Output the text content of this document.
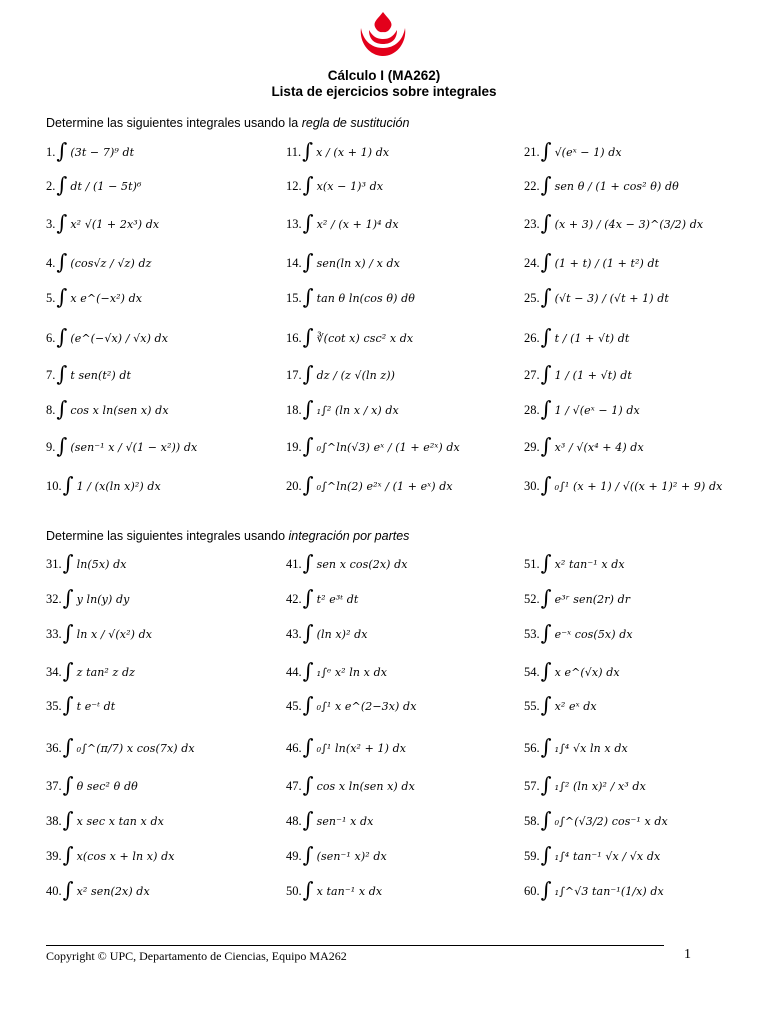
Cálculo I (MA262)
Lista de ejercicios sobre integrales
Determine las siguientes integrales usando la regla de sustitución
1. ∫ (3t − 7)⁹ dt
2. ∫ dt / (1 − 5t)⁶
3. ∫ x² √(1 + 2x³) dx
4. ∫ (cos√z / √z) dz
5. ∫ x e^(−x²) dx
6. ∫ (e^(−√x) / √x) dx
7. ∫ t sen(t²) dt
8. ∫ cos x ln(sen x) dx
9. ∫ (sen⁻¹ x / √(1 − x²)) dx
10. ∫ 1 / (x(ln x)²) dx
11. ∫ x / (x + 1) dx
12. ∫ x(x − 1)³ dx
13. ∫ x² / (x + 1)⁴ dx
14. ∫ sen(ln x) / x dx
15. ∫ tan θ ln(cos θ) dθ
16. ∫ ∛(cot x) csc² x dx
17. ∫ dz / (z √(ln z))
18. ∫ ₁∫² (ln x / x) dx
19. ∫ ₀∫^ln(√3) eˣ / (1 + e²ˣ) dx
20. ∫ ₀∫^ln(2) e²ˣ / (1 + eˣ) dx
21. ∫ √(eˣ − 1) dx
22. ∫ sen θ / (1 + cos² θ) dθ
23. ∫ (x + 3) / (4x − 3)^(3/2) dx
24. ∫ (1 + t) / (1 + t²) dt
25. ∫ (√t − 3) / (√t + 1) dt
26. ∫ t / (1 + √t) dt
27. ∫ 1 / (1 + √t) dt
28. ∫ 1 / √(eˣ − 1) dx
29. ∫ x³ / √(x⁴ + 4) dx
30. ∫ ₀∫¹ (x + 1) / √((x + 1)² + 9) dx
Determine las siguientes integrales usando integración por partes
31. ∫ ln(5x) dx
32. ∫ y ln(y) dy
33. ∫ ln x / √(x²) dx
34. ∫ z tan² z dz
35. ∫ t e⁻ᵗ dt
36. ∫ ₀∫^(π/7) x cos(7x) dx
37. ∫ θ sec² θ dθ
38. ∫ x sec x tan x dx
39. ∫ x(cos x + ln x) dx
40. ∫ x² sen(2x) dx
41. ∫ sen x cos(2x) dx
42. ∫ t² e³ᵗ dt
43. ∫ (ln x)² dx
44. ∫ ₁∫ᵉ x² ln x dx
45. ∫ ₀∫¹ x e^(2−3x) dx
46. ∫ ₀∫¹ ln(x² + 1) dx
47. ∫ cos x ln(sen x) dx
48. ∫ sen⁻¹ x dx
49. ∫ (sen⁻¹ x)² dx
50. ∫ x tan⁻¹ x dx
51. ∫ x² tan⁻¹ x dx
52. ∫ e³ʳ sen(2r) dr
53. ∫ e⁻ˣ cos(5x) dx
54. ∫ x e^(√x) dx
55. ∫ x² eˣ dx
56. ∫ ₁∫⁴ √x ln x dx
57. ∫ ₁∫² (ln x)² / x³ dx
58. ∫ ₀∫^(√3/2) cos⁻¹ x dx
59. ∫ ₁∫⁴ tan⁻¹ √x / √x dx
60. ∫ ₁∫^√3 tan⁻¹(1/x) dx
Copyright © UPC, Departamento de Ciencias, Equipo MA262	1
